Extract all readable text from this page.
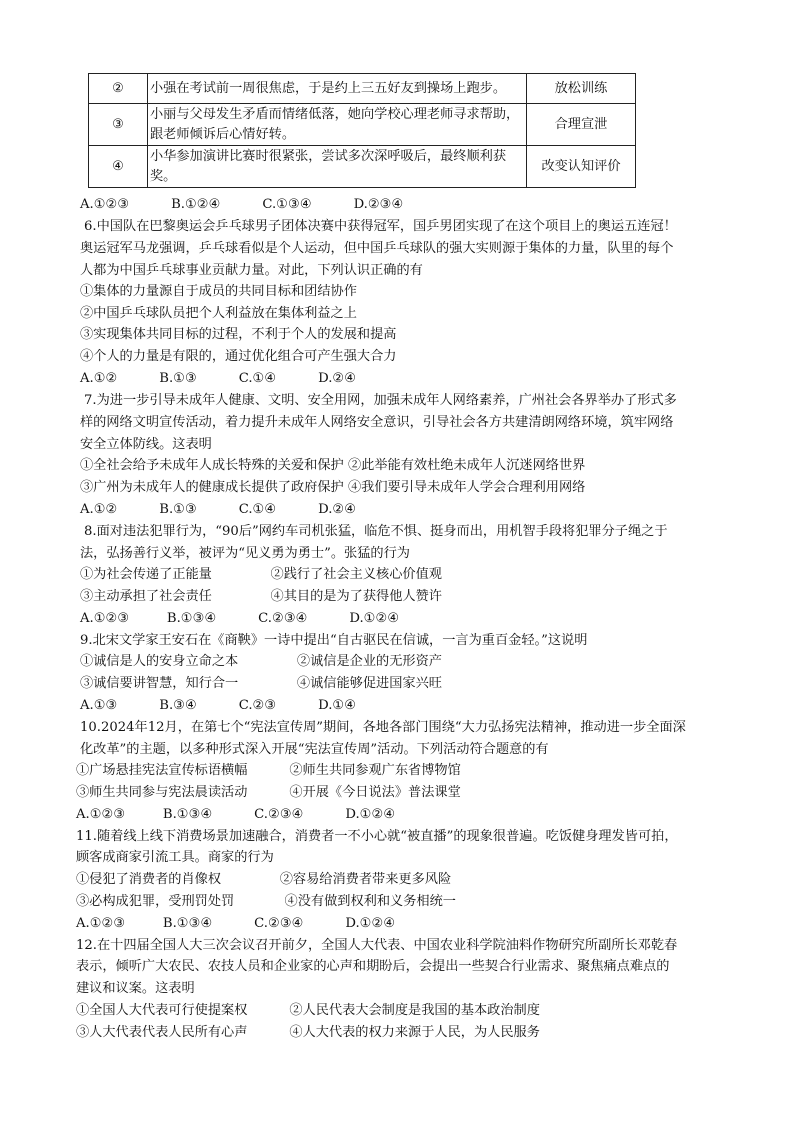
②	小强在考试前一周很焦虑，于是约上三五好友到操场上跑步。	放松训练
③	小丽与父母发生矛盾而情绪低落，她向学校心理老师寻求帮助，跟老师倾诉后心情好转。	合理宣泄
④	小华参加演讲比赛时很紧张，尝试多次深呼吸后，最终顺利获奖。	改变认知评价
A.①②③          B.①②④          C.①③④          D.②③④
6.中国队在巴黎奥运会乒乓球男子团体决赛中获得冠军，国乒男团实现了在这个项目上的奥运五连冠！
奥运冠军马龙强调，乒乓球看似是个人运动，但中国乒乓球队的强大实则源于集体的力量，队里的每个
人都为中国乒乓球事业贡献力量。对此，下列认识正确的有
①集体的力量源自于成员的共同目标和团结协作
②中国乒乓球队员把个人利益放在集体利益之上
③实现集体共同目标的过程，不利于个人的发展和提高
④个人的力量是有限的，通过优化组合可产生强大合力
A.①②          B.①③          C.①④          D.②④
7.为进一步引导未成年人健康、文明、安全用网，加强未成年人网络素养，广州社会各界举办了形式多
样的网络文明宣传活动，着力提升未成年人网络安全意识，引导社会各方共建清朗网络环境，筑牢网络
安全立体防线。这表明
①全社会给予未成年人成长特殊的关爱和保护 ②此举能有效杜绝未成年人沉迷网络世界
③广州为未成年人的健康成长提供了政府保护 ④我们要引导未成年人学会合理利用网络
A.①②          B.①③          C.①④          D.②④
8.面对违法犯罪行为，“90后”网约车司机张猛，临危不惧、挺身而出，用机智手段将犯罪分子绳之于
法，弘扬善行义举，被评为“见义勇为勇士”。张猛的行为
①为社会传递了正能量              ②践行了社会主义核心价值观
③主动承担了社会责任              ④其目的是为了获得他人赞许
A.①②③         B.①③④          C.②③④          D.①②④
9.北宋文学家王安石在《商鞅》一诗中提出“自古驱民在信诚，一言为重百金轻。”这说明
①诚信是人的安身立命之本              ②诚信是企业的无形资产
③诚信要讲智慧，知行合一              ④诚信能够促进国家兴旺
A.①③          B.③④          C.②③          D.①④
10.2024年12月，在第七个“宪法宣传周”期间，各地各部门围绕“大力弘扬宪法精神，推动进一步全面深
化改革”的主题，以多种形式深入开展“宪法宣传周”活动。下列活动符合题意的有
①广场悬挂宪法宣传标语横幅          ②师生共同参观广东省博物馆
③师生共同参与宪法晨读活动          ④开展《今日说法》普法课堂
A.①②③         B.①③④          C.②③④          D.①②④
11.随着线上线下消费场景加速融合，消费者一不小心就“被直播”的现象很普遍。吃饭健身理发皆可拍，
顾客成商家引流工具。商家的行为
①侵犯了消费者的肖像权              ②容易给消费者带来更多风险
③必构成犯罪，受刑罚处罚            ④没有做到权利和义务相统一
A.①②③         B.①③④          C.②③④          D.①②④
12.在十四届全国人大三次会议召开前夕，全国人大代表、中国农业科学院油料作物研究所副所长邓乾春
表示，倾听广大农民、农技人员和企业家的心声和期盼后，会提出一些契合行业需求、聚焦痛点难点的
建议和议案。这表明
①全国人大代表可行使提案权          ②人民代表大会制度是我国的基本政治制度
③人大代表代表人民所有心声          ④人大代表的权力来源于人民，为人民服务
